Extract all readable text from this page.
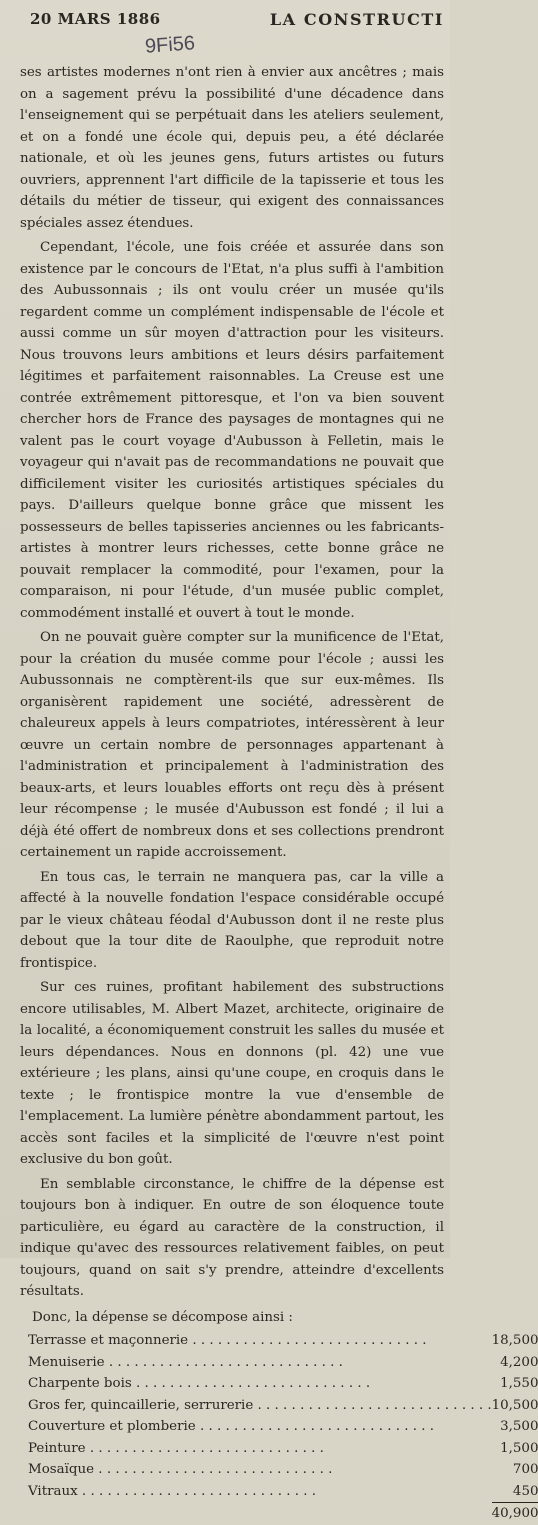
20 MARS 1886	LA CONSTRUCTI
9Fi56

ses artistes modernes n'ont rien à envier aux ancêtres ; mais on a sagement prévu la possibilité d'une décadence dans l'enseignement qui se perpétuait dans les ateliers seulement, et on a fondé une école qui, depuis peu, a été déclarée nationale, et où les jeunes gens, futurs artistes ou futurs ouvriers, apprennent l'art difficile de la tapisserie et tous les détails du métier de tisseur, qui exigent des connaissances spéciales assez étendues.

Cependant, l'école, une fois créée et assurée dans son existence par le concours de l'Etat, n'a plus suffi à l'ambition des Aubussonnais ; ils ont voulu créer un musée qu'ils regardent comme un complément indispensable de l'école et aussi comme un sûr moyen d'attraction pour les visiteurs. Nous trouvons leurs ambitions et leurs désirs parfaitement légitimes et parfaitement raisonnables. La Creuse est une contrée extrêmement pittoresque, et l'on va bien souvent chercher hors de France des paysages de montagnes qui ne valent pas le court voyage d'Aubusson à Felletin, mais le voyageur qui n'avait pas de recommandations ne pouvait que difficilement visiter les curiosités artistiques spéciales du pays. D'ailleurs quelque bonne grâce que missent les possesseurs de belles tapisseries anciennes ou les fabricants-artistes à montrer leurs richesses, cette bonne grâce ne pouvait remplacer la commodité, pour l'examen, pour la comparaison, ni pour l'étude, d'un musée public complet, commodément installé et ouvert à tout le monde.

On ne pouvait guère compter sur la munificence de l'Etat, pour la création du musée comme pour l'école ; aussi les Aubussonnais ne comptèrent-ils que sur eux-mêmes. Ils organisèrent rapidement une société, adressèrent de chaleureux appels à leurs compatriotes, intéressèrent à leur œuvre un certain nombre de personnages appartenant à l'administration et principalement à l'administration des beaux-arts, et leurs louables efforts ont reçu dès à présent leur récompense ; le musée d'Aubusson est fondé ; il lui a déjà été offert de nombreux dons et ses collections prendront certainement un rapide accroissement.

En tous cas, le terrain ne manquera pas, car la ville a affecté à la nouvelle fondation l'espace considérable occupé par le vieux château féodal d'Aubusson dont il ne reste plus debout que la tour dite de Raoulphe, que reproduit notre frontispice.

Sur ces ruines, profitant habilement des substructions encore utilisables, M. Albert Mazet, architecte, originaire de la localité, a économiquement construit les salles du musée et leurs dépendances. Nous en donnons (pl. 42) une vue extérieure ; les plans, ainsi qu'une coupe, en croquis dans le texte ; le frontispice montre la vue d'ensemble de l'emplacement. La lumière pénètre abondamment partout, les accès sont faciles et la simplicité de l'œuvre n'est point exclusive du bon goût.

En semblable circonstance, le chiffre de la dépense est toujours bon à indiquer. En outre de son éloquence toute particulière, eu égard au caractère de la construction, il indique qu'avec des ressources relativement faibles, on peut toujours, quand on sait s'y prendre, atteindre d'excellents résultats.

Donc, la dépense se décompose ainsi :

Terrasse et maçonnerie . . . . . . . . . . . . . . . . . . . . . . . . . . . .	18,500
Menuiserie . . . . . . . . . . . . . . . . . . . . . . . . . . . .	4,200
Charpente bois . . . . . . . . . . . . . . . . . . . . . . . . . . . .	1,550
Gros fer, quincaillerie, serrurerie . . . . . . . . . . . . . . . . . . . . . . . . . . . .	10,500
Couverture et plomberie . . . . . . . . . . . . . . . . . . . . . . . . . . . .	3,500
Peinture . . . . . . . . . . . . . . . . . . . . . . . . . . . .	1,500
Mosaïque . . . . . . . . . . . . . . . . . . . . . . . . . . . .	700
Vitraux . . . . . . . . . . . . . . . . . . . . . . . . . . . .	450
	40,900
